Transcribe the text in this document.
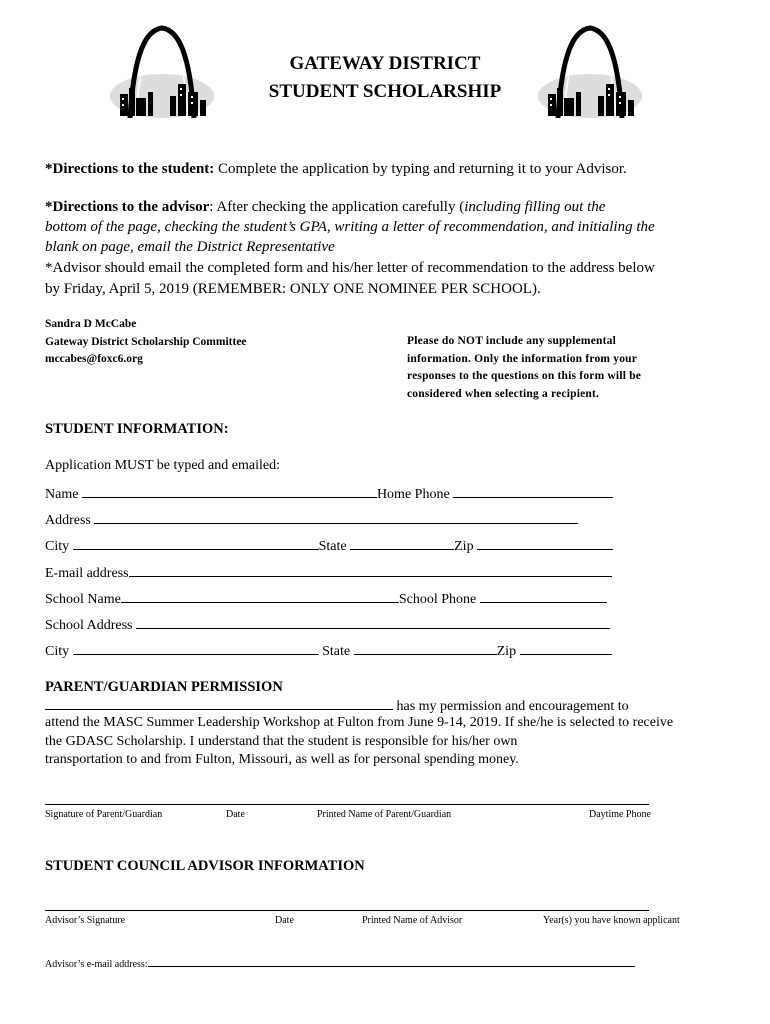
GATEWAY DISTRICT
STUDENT SCHOLARSHIP
*Directions to the student: Complete the application by typing and returning it to your Advisor.
*Directions to the advisor: After checking the application carefully (including filling out the
bottom of the page, checking the student’s GPA, writing a letter of recommendation, and initialing the
blank on page, email the District Representative
*Advisor should email the completed form and his/her letter of recommendation to the address below
by Friday, April 5, 2019 (REMEMBER: ONLY ONE NOMINEE PER SCHOOL).
Sandra D McCabe
Gateway District Scholarship Committee
mccabes@foxc6.org
Please do NOT include any supplemental
information. Only the information from your
responses to the questions on this form will be
considered when selecting a recipient.
STUDENT INFORMATION:
Application MUST be typed and emailed:
Name	Home Phone
Address
City	State	Zip
E-mail address
School Name	School Phone
School Address
City	State	Zip
PARENT/GUARDIAN PERMISSION
has my permission and encouragement to
attend the MASC Summer Leadership Workshop at Fulton from June 9-14, 2019. If she/he is selected to receive
the GDASC Scholarship. I understand that the student is responsible for his/her own
transportation to and from Fulton, Missouri, as well as for personal spending money.
Signature of Parent/Guardian	Date	Printed Name of Parent/Guardian	Daytime Phone
STUDENT COUNCIL ADVISOR INFORMATION
Advisor’s Signature	Date	Printed Name of Advisor	Year(s) you have known applicant
Advisor’s e-mail address:
